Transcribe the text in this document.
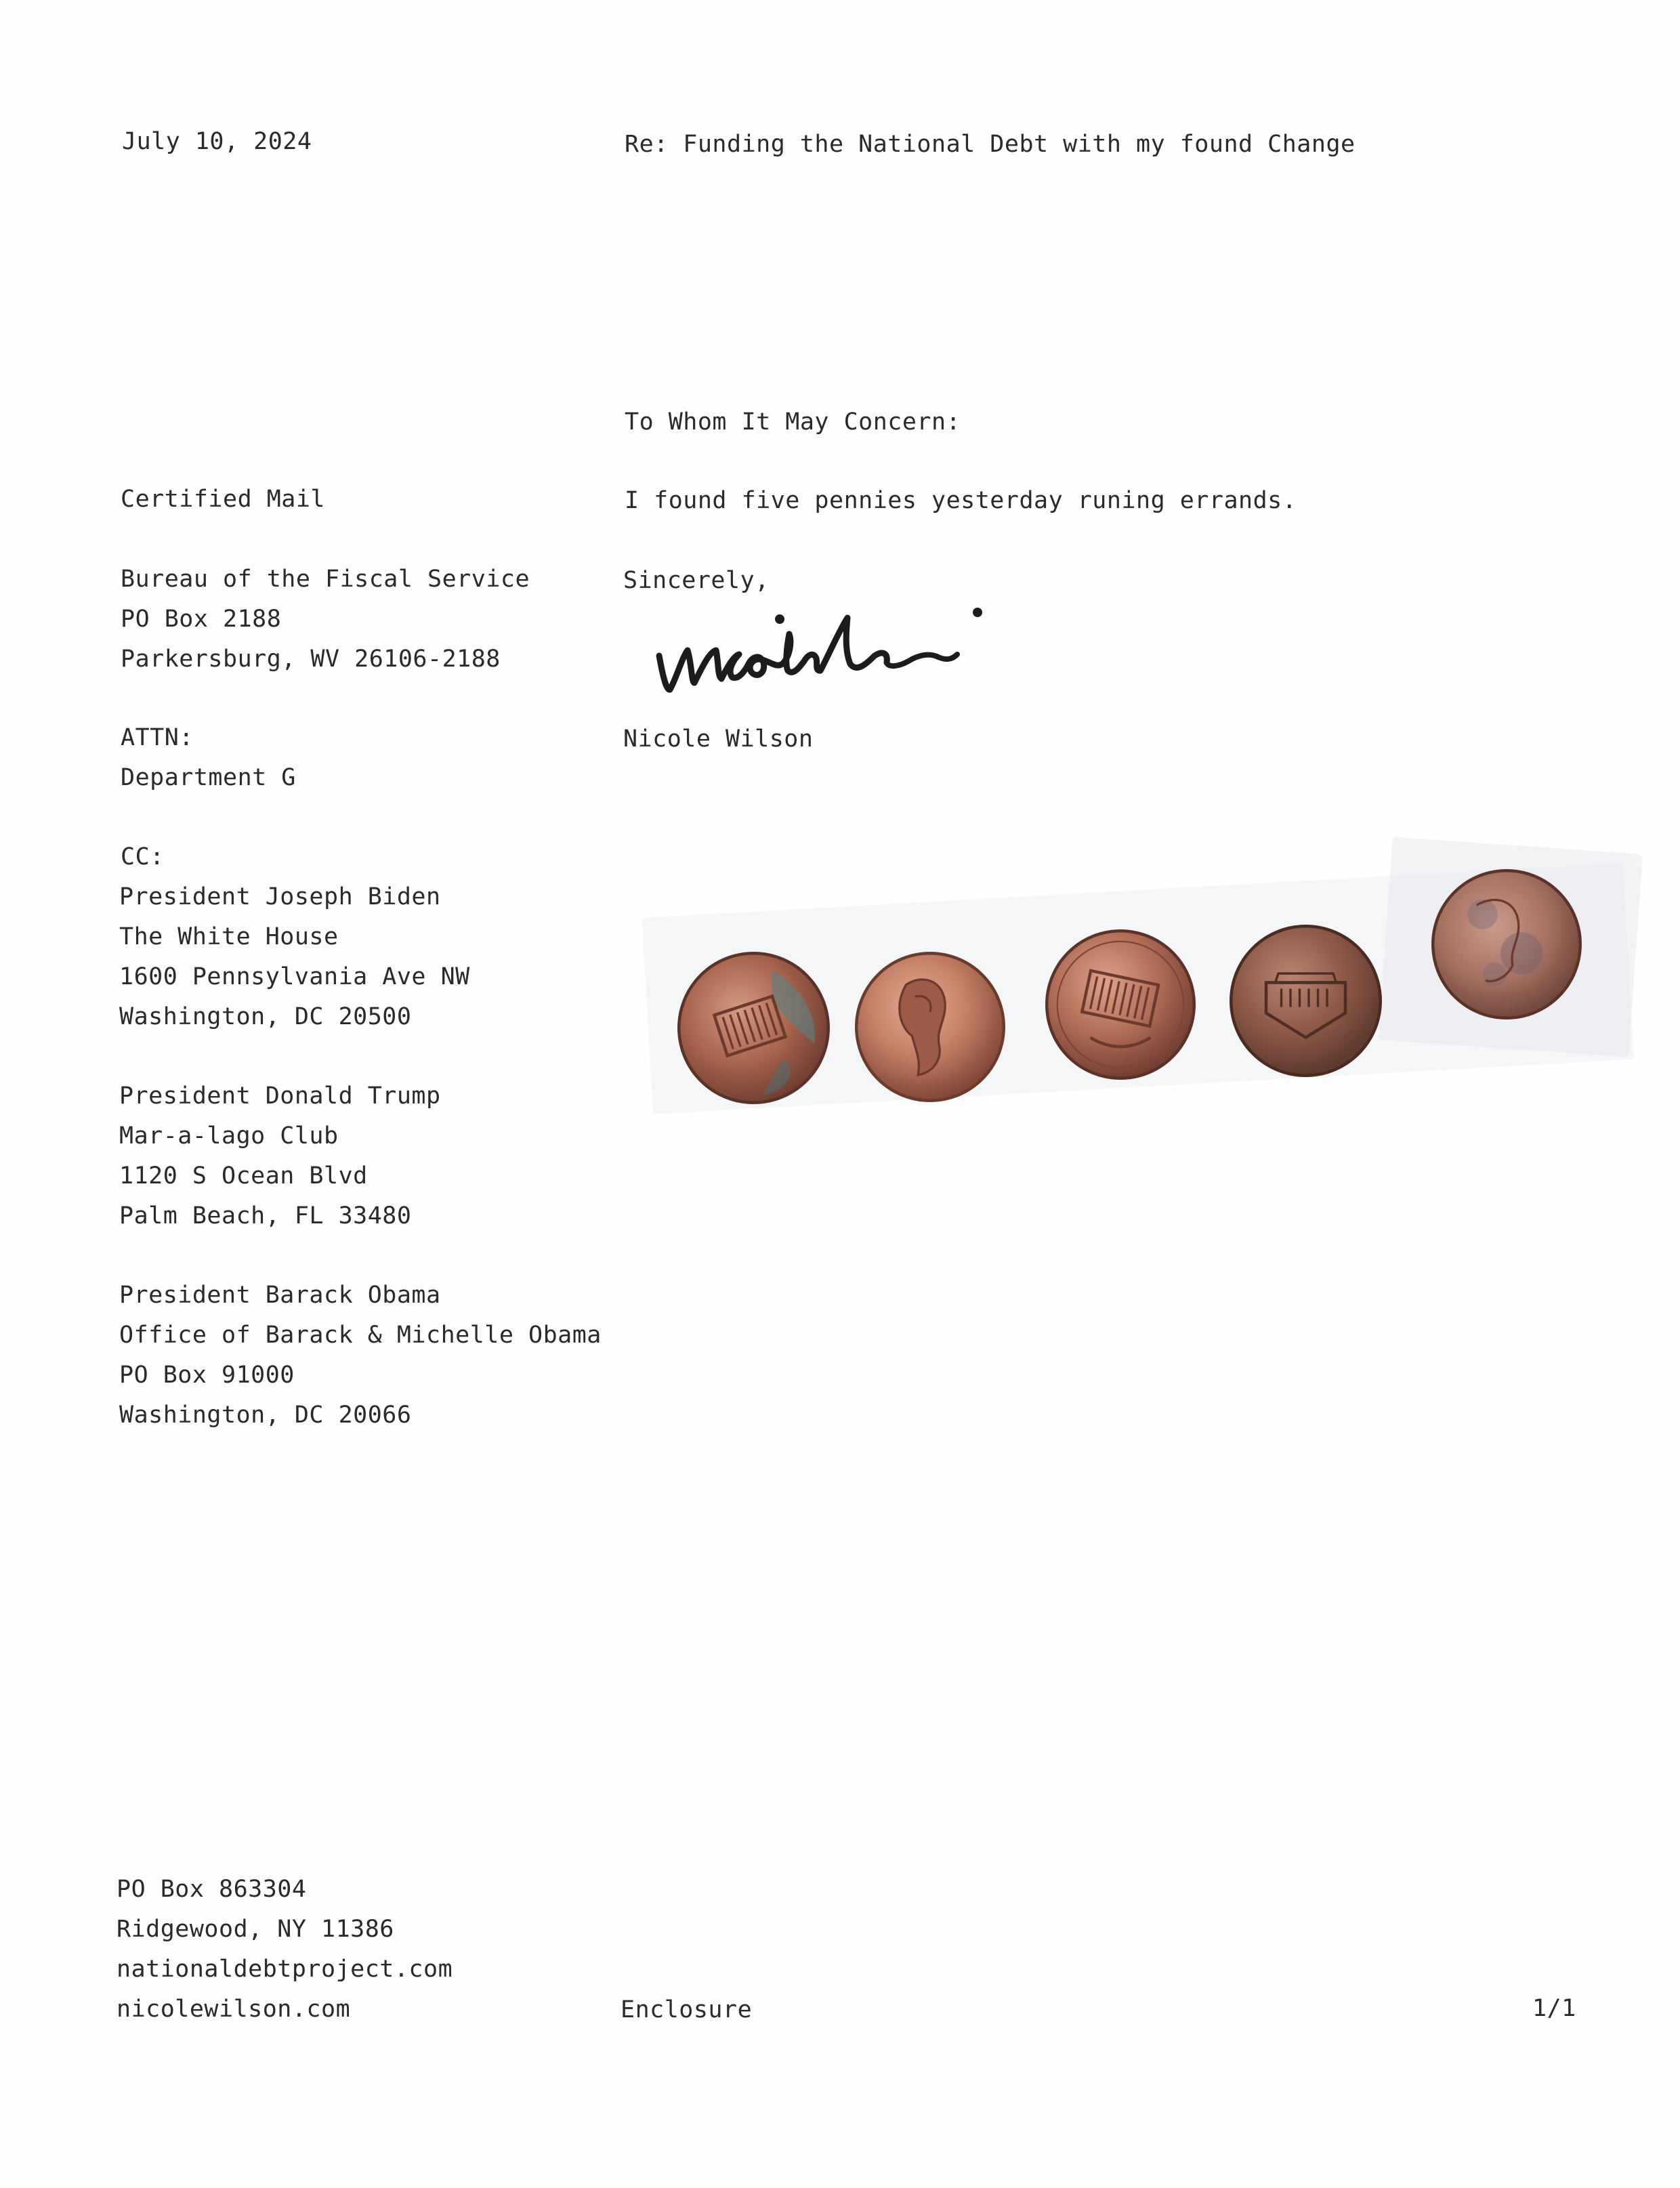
July 10, 2024	Re: Funding the National Debt with my found Change
To Whom It May Concern:
I found five pennies yesterday runing errands.
Sincerely,
Nicole Wilson
Certified Mail
Bureau of the Fiscal Service
PO Box 2188
Parkersburg, WV 26106-2188
ATTN:
Department G
CC:
President Joseph Biden
The White House
1600 Pennsylvania Ave NW
Washington, DC 20500
President Donald Trump
Mar-a-lago Club
1120 S Ocean Blvd
Palm Beach, FL 33480
President Barack Obama
Office of Barack & Michelle Obama
PO Box 91000
Washington, DC 20066
PO Box 863304
Ridgewood, NY 11386
nationaldebtproject.com
nicolewilson.com	Enclosure	1/1
